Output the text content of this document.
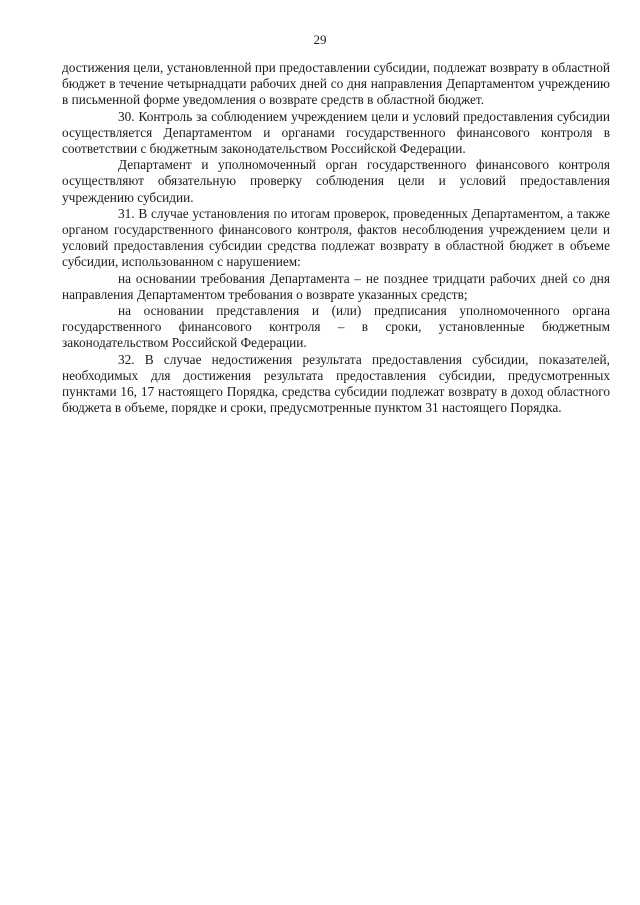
29

достижения цели, установленной при предоставлении субсидии, подлежат возврату в областной бюджет в течение четырнадцати рабочих дней со дня направления Департаментом учреждению в письменной форме уведомления о возврате средств в областной бюджет.

30. Контроль за соблюдением учреждением цели и условий предоставления субсидии осуществляется Департаментом и органами государственного финансового контроля в соответствии с бюджетным законодательством Российской Федерации.

Департамент и уполномоченный орган государственного финансового контроля осуществляют обязательную проверку соблюдения цели и условий предоставления учреждению субсидии.

31. В случае установления по итогам проверок, проведенных Департаментом, а также органом государственного финансового контроля, фактов несоблюдения учреждением цели и условий предоставления субсидии средства подлежат возврату в областной бюджет в объеме субсидии, использованном с нарушением:

на основании требования Департамента – не позднее тридцати рабочих дней со дня направления Департаментом требования о возврате указанных средств;

на основании представления и (или) предписания уполномоченного органа государственного финансового контроля – в сроки, установленные бюджетным законодательством Российской Федерации.

32. В случае недостижения результата предоставления субсидии, показателей, необходимых для достижения результата предоставления субсидии, предусмотренных пунктами 16, 17 настоящего Порядка, средства субсидии подлежат возврату в доход областного бюджета в объеме, порядке и сроки, предусмотренные пунктом 31 настоящего Порядка.
